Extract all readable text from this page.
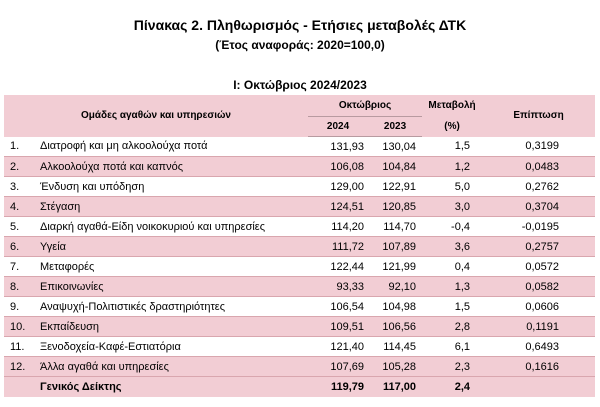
Πίνακας 2. Πληθωρισμός - Ετήσιες μεταβολές ΔΤΚ
(Έτος αναφοράς: 2020=100,0)
Ι: Οκτώβριος 2024/2023
Ομάδες αγαθών και υπηρεσιών		Οκτώβριος		Μεταβολή	Επίπτωση
		2024	2023	(%)	
1.	Διατροφή και μη αλκοολούχα ποτά	131,93	130,04	1,5	0,3199
2.	Αλκοολούχα ποτά και καπνός	106,08	104,84	1,2	0,0483
3.	Ένδυση και υπόδηση	129,00	122,91	5,0	0,2762
4.	Στέγαση	124,51	120,85	3,0	0,3704
5.	Διαρκή αγαθά-Είδη νοικοκυριού και υπηρεσίες	114,20	114,70	-0,4	-0,0195
6.	Υγεία	111,72	107,89	3,6	0,2757
7.	Μεταφορές	122,44	121,99	0,4	0,0572
8.	Επικοινωνίες	93,33	92,10	1,3	0,0582
9.	Αναψυχή-Πολιτιστικές δραστηριότητες	106,54	104,98	1,5	0,0606
10.	Εκπαίδευση	109,51	106,56	2,8	0,1191
11.	Ξενοδοχεία-Καφέ-Εστιατόρια	121,40	114,45	6,1	0,6493
12.	Άλλα αγαθά και υπηρεσίες	107,69	105,28	2,3	0,1616
	Γενικός Δείκτης	119,79	117,00	2,4	
